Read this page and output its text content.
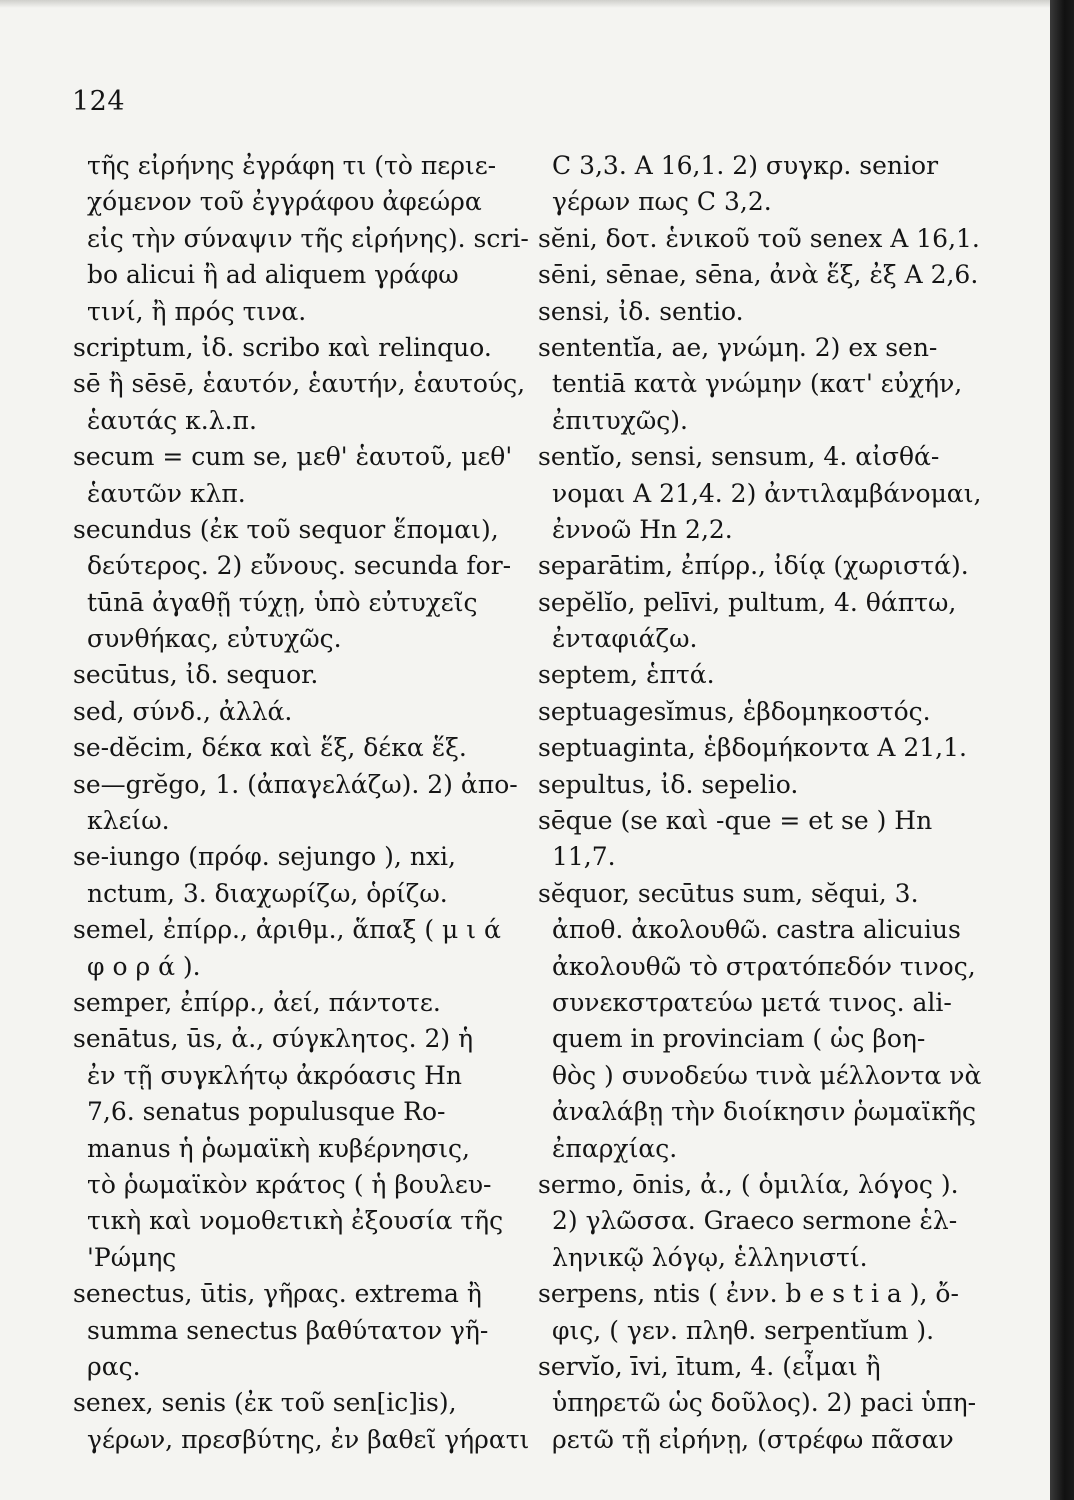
124
τῆς εἰρήνης ἐγράφη τι (τὸ περιε-
χόμενον τοῦ ἐγγράφου ἀφεώρα
εἰς τὴν σύναψιν τῆς εἰρήνης). scri-
bo alicui ἢ ad aliquem γράφω
τινί, ἢ πρός τινα.
scriptum, ἰδ. scribo καὶ relinquo.
sē ἢ sēsē, ἑαυτόν, ἑαυτήν, ἑαυτούς,
ἑαυτάς κ.λ.π.
secum = cum se, μεθ' ἑαυτοῦ, μεθ'
ἑαυτῶν κλπ.
secundus (ἐκ τοῦ sequor ἕπομαι),
δεύτερος. 2) εὔνους. secunda for-
tūnā ἀγαθῇ τύχῃ, ὑπὸ εὐτυχεῖς
συνθήκας, εὐτυχῶς.
secūtus, ἰδ. sequor.
sed, σύνδ., ἀλλά.
se-dĕcim, δέκα καὶ ἕξ, δέκα ἕξ.
se—grĕgo, 1. (ἀπαγελάζω). 2) ἀπο-
κλείω.
se-iungo (πρόφ. sejungo ), nxi,
nctum, 3. διαχωρίζω, ὁρίζω.
semel, ἐπίρρ., ἀριθμ., ἅπαξ ( μ ι ά
φ ο ρ ά ).
semper, ἐπίρρ., ἀεί, πάντοτε.
senātus, ūs, ἀ., σύγκλητος. 2) ἡ
ἐν τῇ συγκλήτῳ ἀκρόασις Hn
7,6. senatus populusque Ro-
manus ἡ ῥωμαϊκὴ κυβέρνησις,
τὸ ῥωμαϊκὸν κράτος ( ἡ βουλευ-
τικὴ καὶ νομοθετικὴ ἐξουσία τῆς
'Ρώμης
senectus, ūtis, γῆρας. extrema ἢ
summa senectus βαθύτατον γῆ-
ρας.
senex, senis (ἐκ τοῦ sen[ic]is),
γέρων, πρεσβύτης, ἐν βαθεῖ γήρατι
C 3,3. A 16,1. 2) συγκρ. senior
γέρων πως C 3,2.
sĕni, δοτ. ἑνικοῦ τοῦ senex A 16,1.
sēni, sēnae, sēna, ἀνὰ ἕξ, ἐξ A 2,6.
sensi, ἰδ. sentio.
sententĭa, ae, γνώμη. 2) ex sen-
tentiā κατὰ γνώμην (κατ' εὐχήν,
ἐπιτυχῶς).
sentĭo, sensi, sensum, 4. αἰσθά-
νομαι A 21,4. 2) ἀντιλαμβάνομαι,
ἐννοῶ Hn 2,2.
separātim, ἐπίρρ., ἰδίᾳ (χωριστά).
sepĕlĭo, pelīvi, pultum, 4. θάπτω,
ἐνταφιάζω.
septem, ἑπτά.
septuagesĭmus, ἑβδομηκοστός.
septuaginta, ἑβδομήκοντα A 21,1.
sepultus, ἰδ. sepelio.
sēque (se καὶ -que = et se ) Hn
11,7.
sĕquor, secūtus sum, sĕqui, 3.
ἀποθ. ἀκολουθῶ. castra alicuius
ἀκολουθῶ τὸ στρατόπεδόν τινος,
συνεκστρατεύω μετά τινος. ali-
quem in provinciam ( ὡς βοη-
θὸς ) συνοδεύω τινὰ μέλλοντα νὰ
ἀναλάβῃ τὴν διοίκησιν ῥωμαϊκῆς
ἐπαρχίας.
sermo, ōnis, ἀ., ( ὁμιλία, λόγος ).
2) γλῶσσα. Graeco sermone ἑλ-
ληνικῷ λόγῳ, ἑλληνιστί.
serpens, ntis ( ἐνν. b e s t i a ), ὄ-
φις, ( γεν. πληθ. serpentĭum ).
servĭo, īvi, ītum, 4. (εἶμαι ἢ
ὑπηρετῶ ὡς δοῦλος). 2) paci ὑπη-
ρετῶ τῇ εἰρήνῃ, (στρέφω πᾶσαν
